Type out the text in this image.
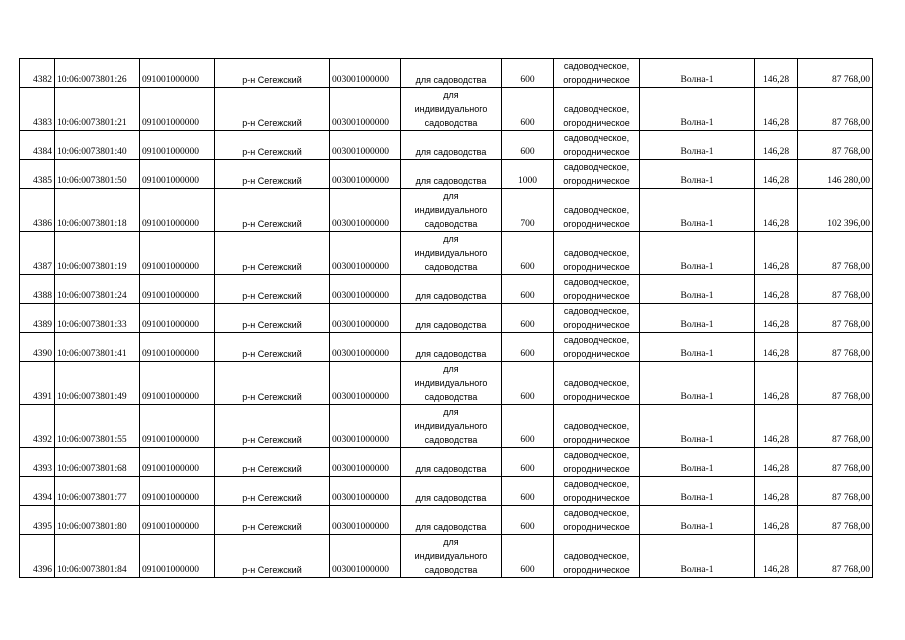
4382	10:06:0073801:26	091001000000	р-н Сегежский	003001000000	для садоводства	600	садоводческое,
огородническое	Волна-1	146,28	87 768,00
4383	10:06:0073801:21	091001000000	р-н Сегежский	003001000000	для
индивидуального
садоводства	600	садоводческое,
огородническое	Волна-1	146,28	87 768,00
4384	10:06:0073801:40	091001000000	р-н Сегежский	003001000000	для садоводства	600	садоводческое,
огородническое	Волна-1	146,28	87 768,00
4385	10:06:0073801:50	091001000000	р-н Сегежский	003001000000	для садоводства	1000	садоводческое,
огородническое	Волна-1	146,28	146 280,00
4386	10:06:0073801:18	091001000000	р-н Сегежский	003001000000	для
индивидуального
садоводства	700	садоводческое,
огородническое	Волна-1	146,28	102 396,00
4387	10:06:0073801:19	091001000000	р-н Сегежский	003001000000	для
индивидуального
садоводства	600	садоводческое,
огородническое	Волна-1	146,28	87 768,00
4388	10:06:0073801:24	091001000000	р-н Сегежский	003001000000	для садоводства	600	садоводческое,
огородническое	Волна-1	146,28	87 768,00
4389	10:06:0073801:33	091001000000	р-н Сегежский	003001000000	для садоводства	600	садоводческое,
огородническое	Волна-1	146,28	87 768,00
4390	10:06:0073801:41	091001000000	р-н Сегежский	003001000000	для садоводства	600	садоводческое,
огородническое	Волна-1	146,28	87 768,00
4391	10:06:0073801:49	091001000000	р-н Сегежский	003001000000	для
индивидуального
садоводства	600	садоводческое,
огородническое	Волна-1	146,28	87 768,00
4392	10:06:0073801:55	091001000000	р-н Сегежский	003001000000	для
индивидуального
садоводства	600	садоводческое,
огородническое	Волна-1	146,28	87 768,00
4393	10:06:0073801:68	091001000000	р-н Сегежский	003001000000	для садоводства	600	садоводческое,
огородническое	Волна-1	146,28	87 768,00
4394	10:06:0073801:77	091001000000	р-н Сегежский	003001000000	для садоводства	600	садоводческое,
огородническое	Волна-1	146,28	87 768,00
4395	10:06:0073801:80	091001000000	р-н Сегежский	003001000000	для садоводства	600	садоводческое,
огородническое	Волна-1	146,28	87 768,00
4396	10:06:0073801:84	091001000000	р-н Сегежский	003001000000	для
индивидуального
садоводства	600	садоводческое,
огородническое	Волна-1	146,28	87 768,00
